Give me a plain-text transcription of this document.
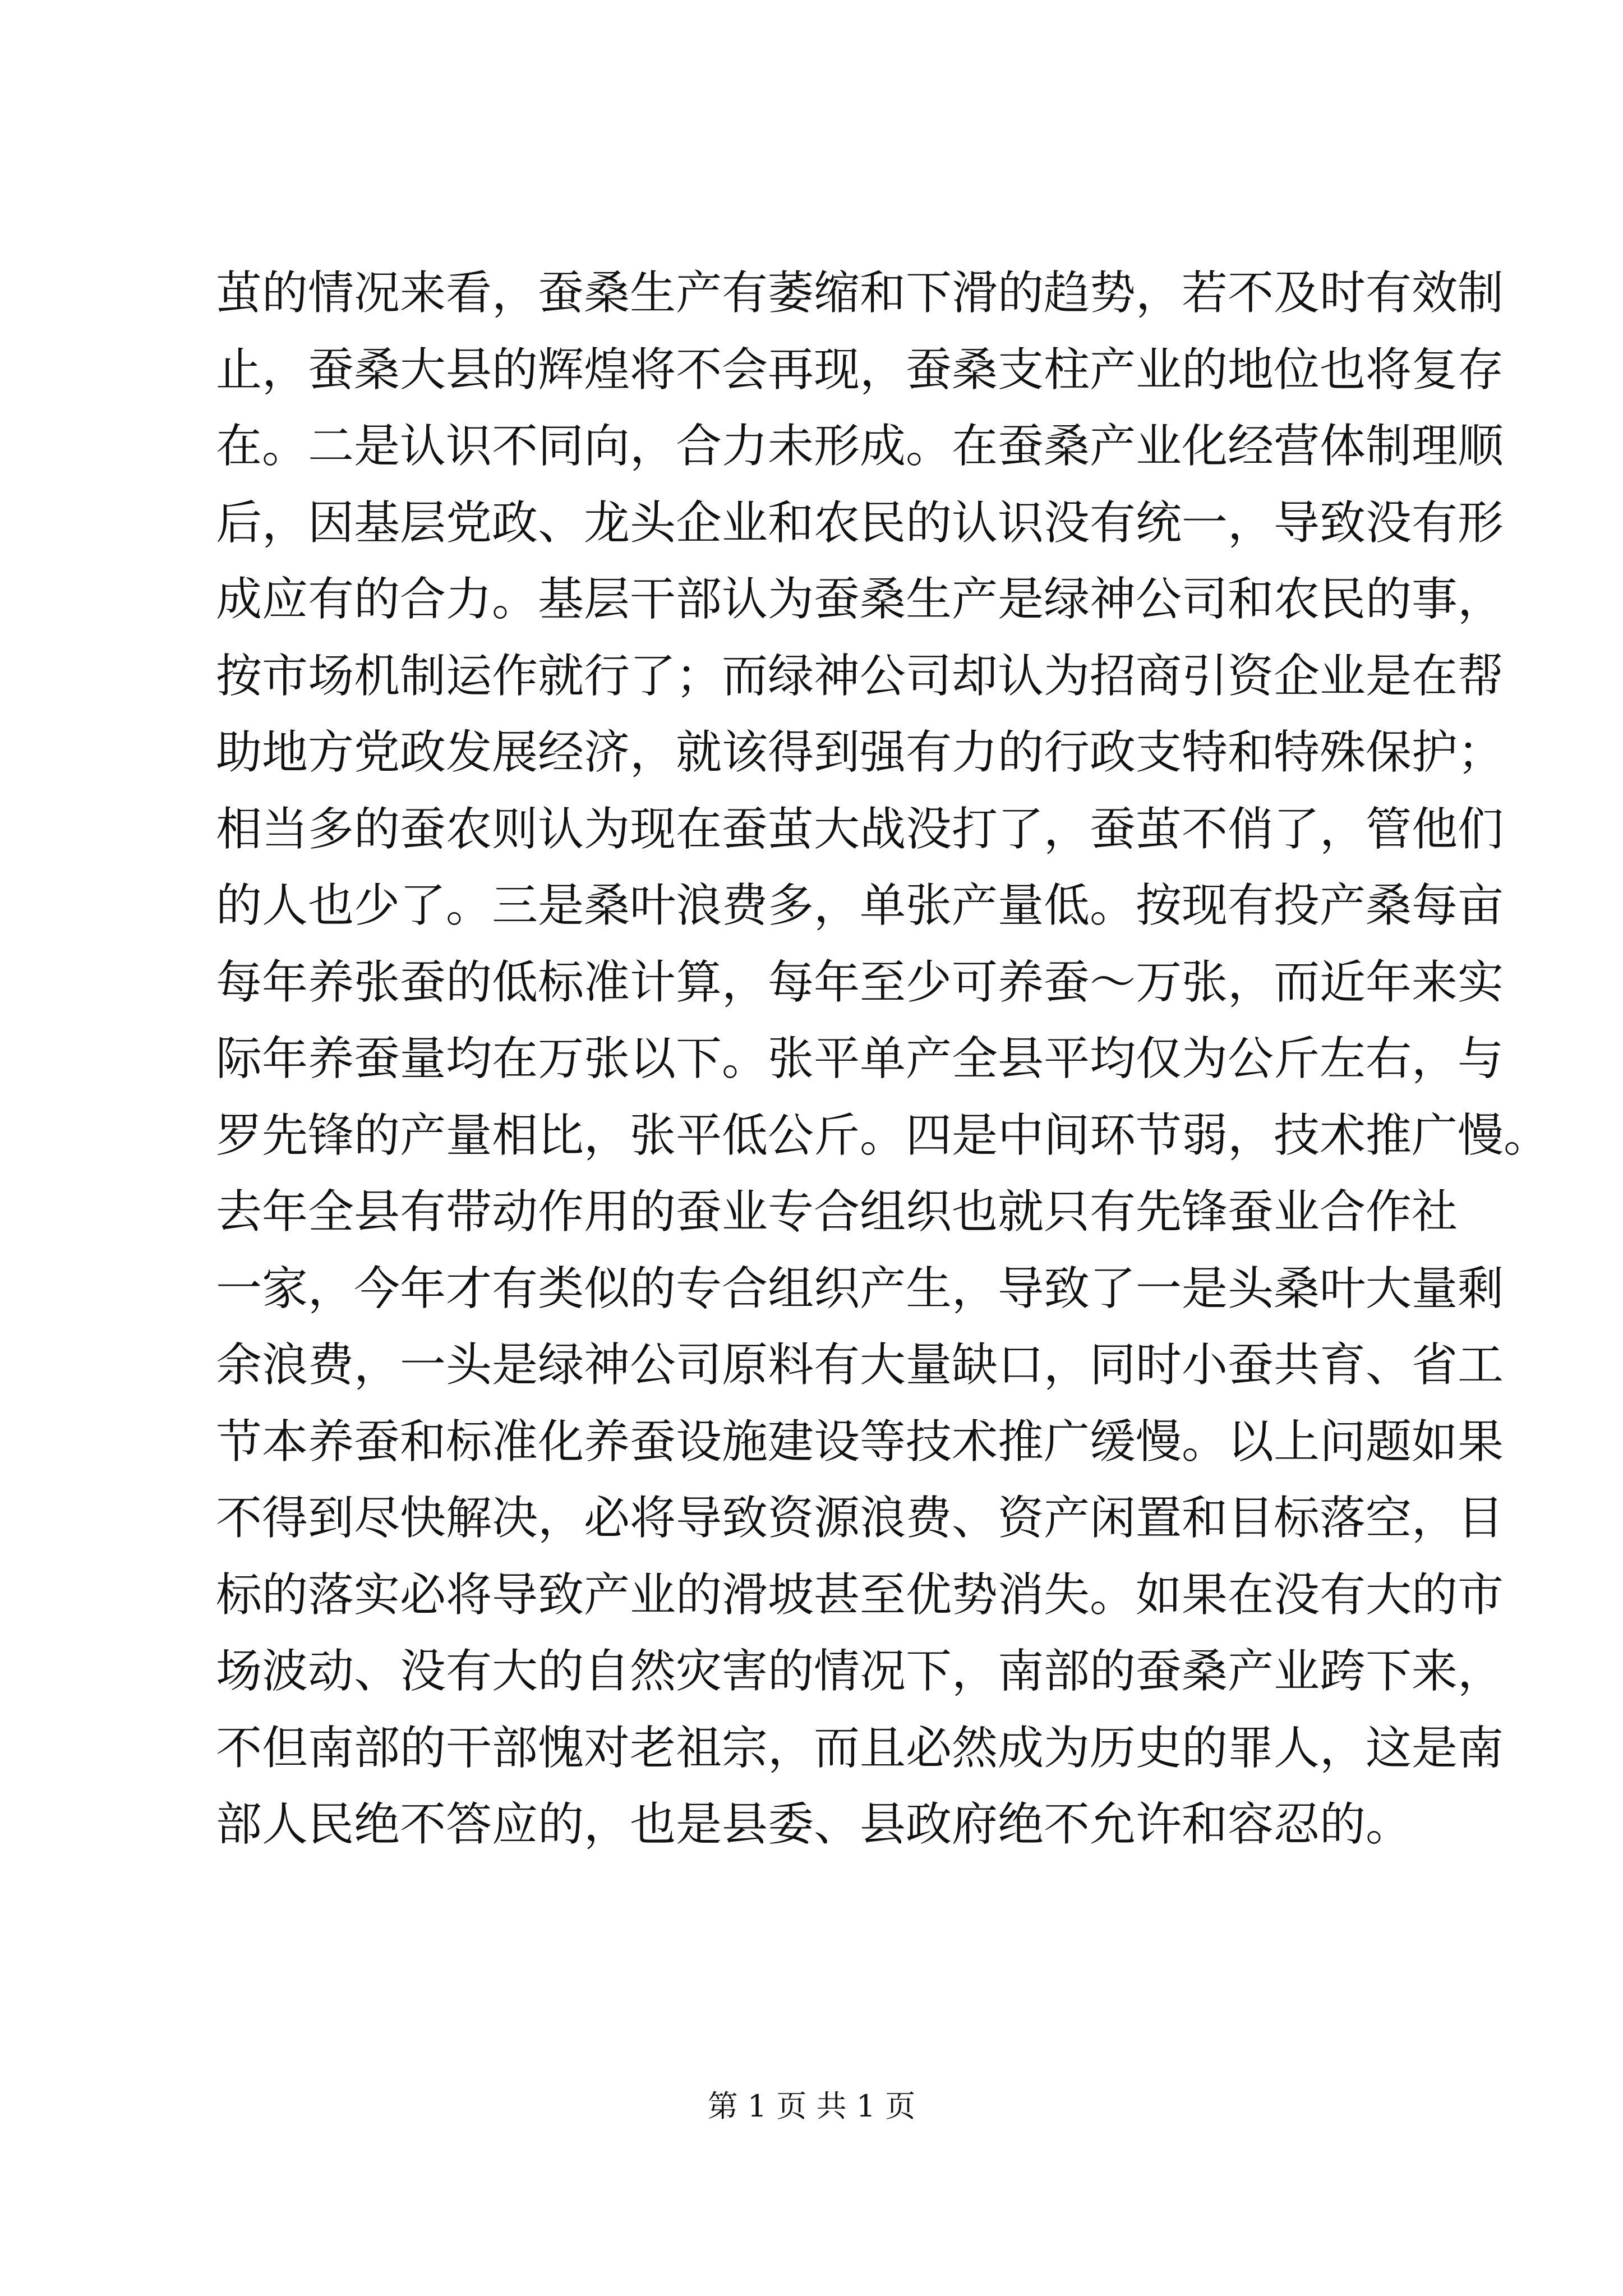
茧的情况来看，蚕桑生产有萎缩和下滑的趋势，若不及时有效制
止，蚕桑大县的辉煌将不会再现，蚕桑支柱产业的地位也将复存
在。二是认识不同向，合力未形成。在蚕桑产业化经营体制理顺
后，因基层党政、龙头企业和农民的认识没有统一，导致没有形
成应有的合力。基层干部认为蚕桑生产是绿神公司和农民的事，
按市场机制运作就行了；而绿神公司却认为招商引资企业是在帮
助地方党政发展经济，就该得到强有力的行政支特和特殊保护；
相当多的蚕农则认为现在蚕茧大战没打了，蚕茧不俏了，管他们
的人也少了。三是桑叶浪费多，单张产量低。按现有投产桑每亩
每年养张蚕的低标准计算，每年至少可养蚕～万张，而近年来实
际年养蚕量均在万张以下。张平单产全县平均仅为公斤左右，与
罗先锋的产量相比，张平低公斤。四是中间环节弱，技术推广慢。
去年全县有带动作用的蚕业专合组织也就只有先锋蚕业合作社
一家，今年才有类似的专合组织产生，导致了一是头桑叶大量剩
余浪费，一头是绿神公司原料有大量缺口，同时小蚕共育、省工
节本养蚕和标准化养蚕设施建设等技术推广缓慢。以上问题如果
不得到尽快解决，必将导致资源浪费、资产闲置和目标落空，目
标的落实必将导致产业的滑坡甚至优势消失。如果在没有大的市
场波动、没有大的自然灾害的情况下，南部的蚕桑产业跨下来，
不但南部的干部愧对老祖宗，而且必然成为历史的罪人，这是南
部人民绝不答应的，也是县委、县政府绝不允许和容忍的。
第 1 页 共 1 页
